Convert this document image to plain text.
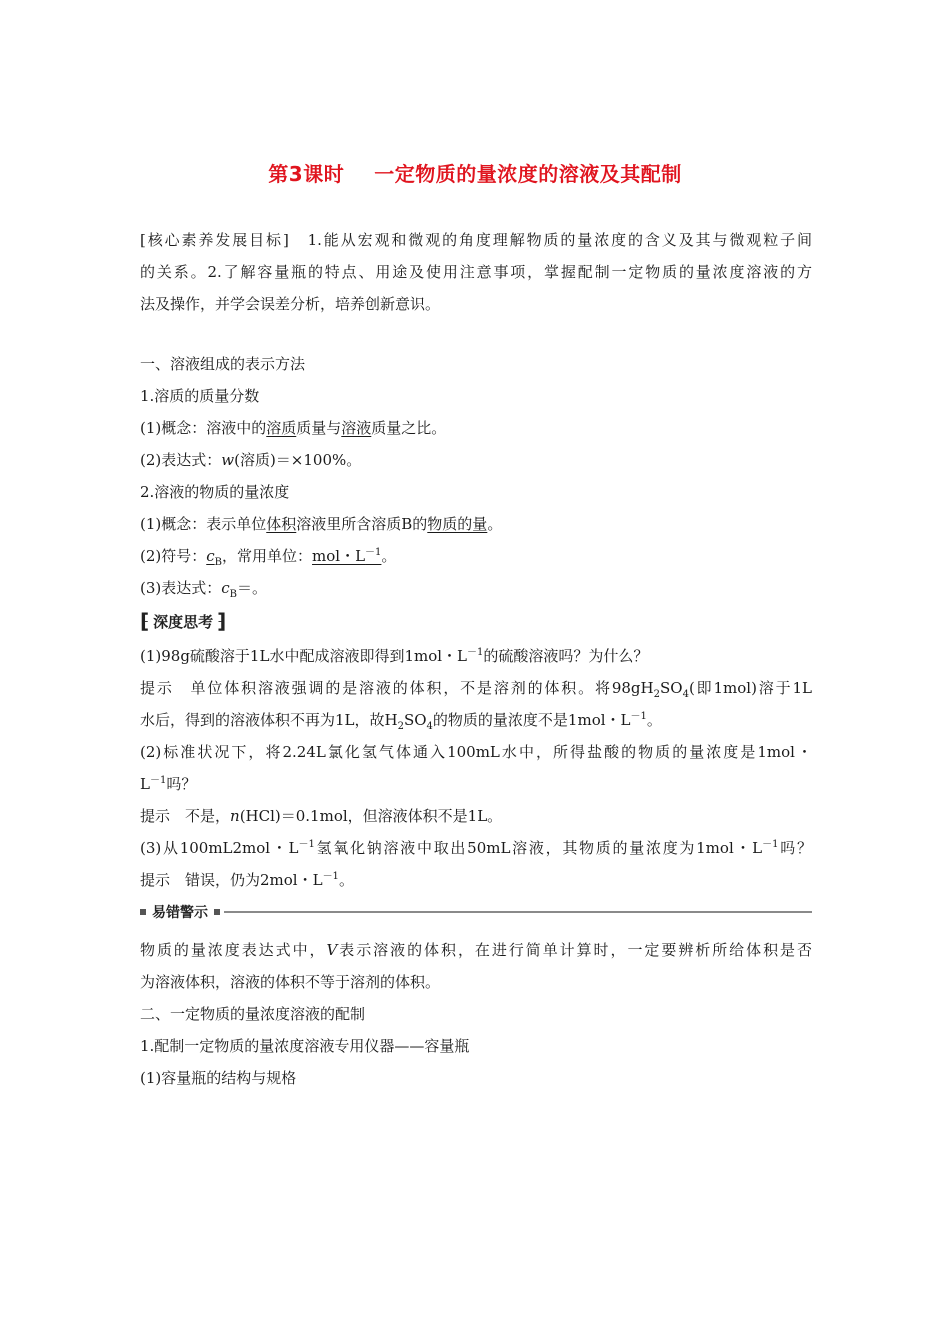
第3课时 一定物质的量浓度的溶液及其配制
[核心素养发展目标]　1.能从宏观和微观的角度理解物质的量浓度的含义及其与微观粒子间
的关系。2.了解容量瓶的特点、用途及使用注意事项，掌握配制一定物质的量浓度溶液的方
法及操作，并学会误差分析，培养创新意识。
一、溶液组成的表示方法
1.溶质的质量分数
(1)概念：溶液中的溶质质量与溶液质量之比。
(2)表达式：w(溶质)＝×100%。
2.溶液的物质的量浓度
(1)概念：表示单位体积溶液里所含溶质B的物质的量。
(2)符号：$c_B$，常用单位：mol・$L^{-1}$。
(3)表达式：$c_B=$。
⁅ 深度思考 ⁆
(1)98g硫酸溶于1L水中配成溶液即得到1mol・$L^{-1}$的硫酸溶液吗？为什么？
提示　单位体积溶液强调的是溶液的体积，不是溶剂的体积。将$98gH_2SO_4$(即1mol)溶于1L
水后，得到的溶液体积不再为1L，故$H_2SO_4$的物质的量浓度不是1mol・$L^{-1}$。
(2)标准状况下，将2.24L氯化氢气体通入100mL水中，所得盐酸的物质的量浓度是1mol・
$L^{-1}$吗？
提示　不是，n(HCl)＝0.1mol，但溶液体积不是1L。
(3)从100mL2mol・$L^{-1}$氢氧化钠溶液中取出50mL溶液，其物质的量浓度为1mol・$L^{-1}$吗？
提示　错误，仍为2mol・$L^{-1}$。
易错警示
物质的量浓度表达式中，V表示溶液的体积，在进行简单计算时，一定要辨析所给体积是否
为溶液体积，溶液的体积不等于溶剂的体积。
二、一定物质的量浓度溶液的配制
1.配制一定物质的量浓度溶液专用仪器——容量瓶
(1)容量瓶的结构与规格
